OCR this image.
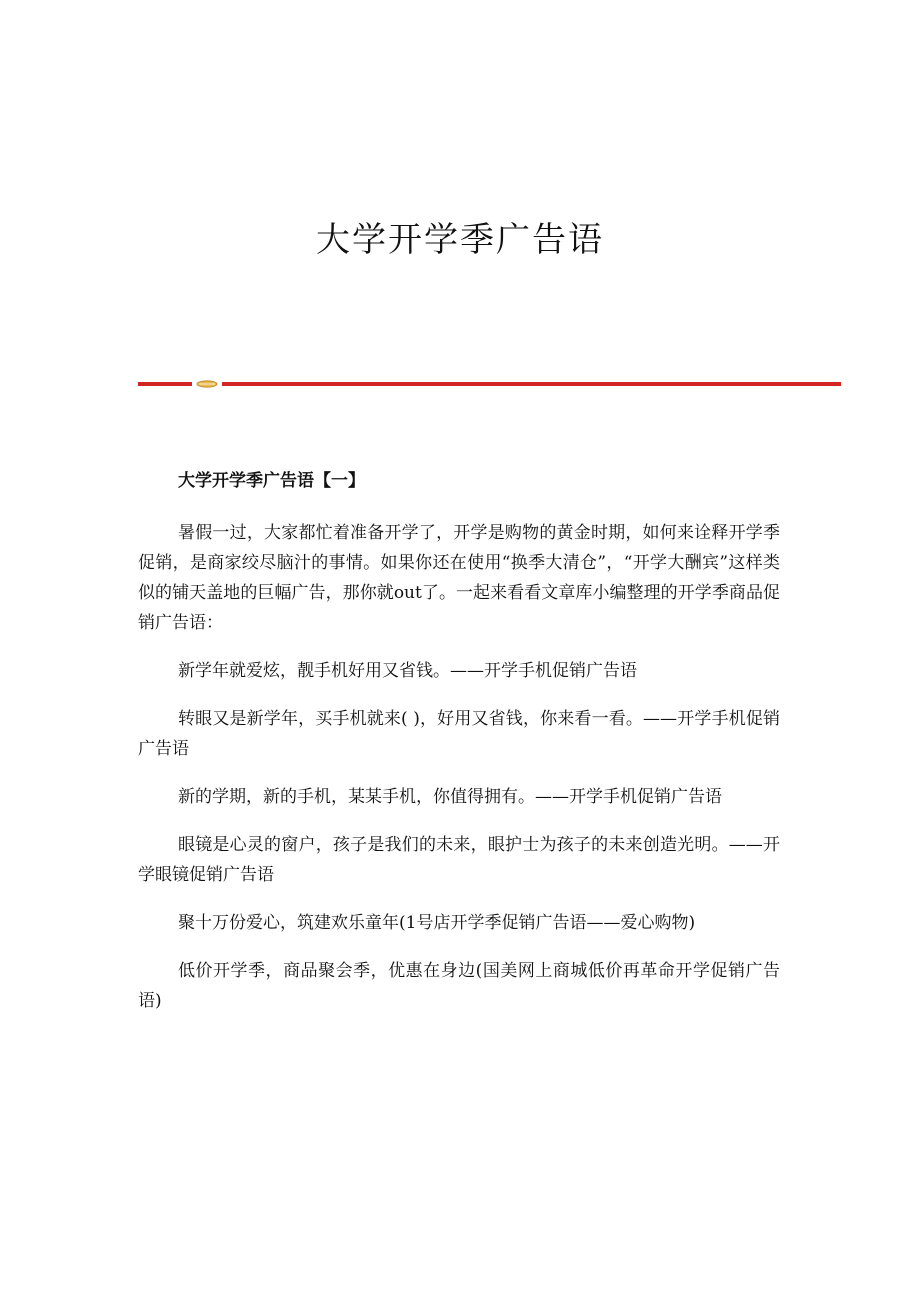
大学开学季广告语

大学开学季广告语【一】

暑假一过，大家都忙着准备开学了，开学是购物的黄金时期，如何来诠释开学季促销，是商家绞尽脑汁的事情。如果你还在使用“换季大清仓”，“开学大酬宾”这样类似的铺天盖地的巨幅广告，那你就out了。一起来看看文章库小编整理的开学季商品促销广告语：

新学年就爱炫，靓手机好用又省钱。——开学手机促销广告语

转眼又是新学年，买手机就来( )，好用又省钱，你来看一看。——开学手机促销广告语

新的学期，新的手机，某某手机，你值得拥有。——开学手机促销广告语

眼镜是心灵的窗户，孩子是我们的未来，眼护士为孩子的未来创造光明。——开学眼镜促销广告语

聚十万份爱心，筑建欢乐童年(1号店开学季促销广告语——爱心购物)

低价开学季，商品聚会季，优惠在身边(国美网上商城低价再革命开学促销广告语)
